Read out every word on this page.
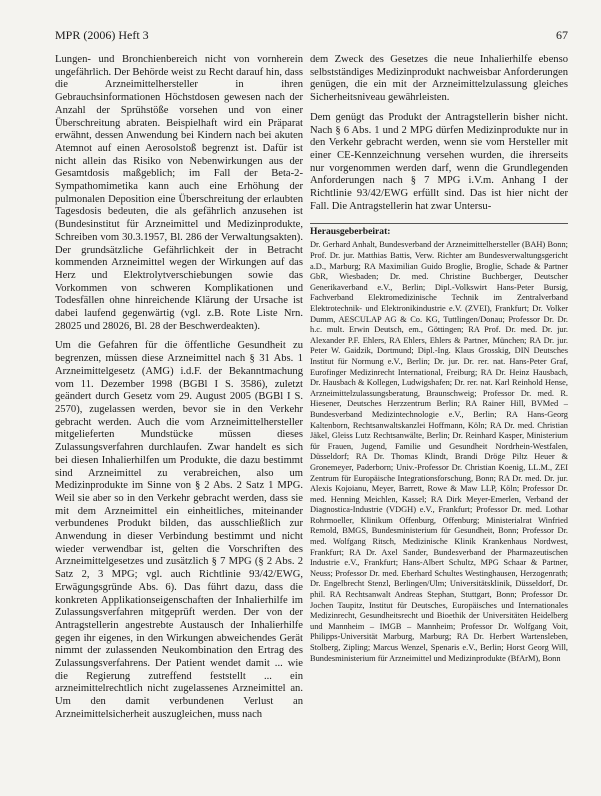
MPR (2006) Heft 3	67

Lungen- und Bronchienbereich nicht von vornherein ungefährlich. Der Behörde weist zu Recht darauf hin, dass die Arzneimittelhersteller in ihren Gebrauchsinformationen Höchstdosen gewesen nach der Anzahl der Sprühstöße vorsehen und von einer Überschreitung abraten. Beispielhaft wird ein Präparat erwähnt, dessen Anwendung bei Kindern nach bei akuten Atemnot auf einen Aerosolstoß begrenzt ist. Dafür ist nicht allein das Risiko von Nebenwirkungen aus der Gesamtdosis maßgeblich; im Fall der Beta-2-Sympathomimetika kann auch eine Erhöhung der pulmonalen Deposition eine Überschreitung der erlaubten Tagesdosis bedeuten, die als gefährlich anzusehen ist (Bundesinstitut für Arzneimittel und Medizinprodukte, Schreiben vom 30.3.1957, Bl. 286 der Verwaltungsakten). Der grundsätzliche Gefährlichkeit der in Betracht kommenden Arzneimittel wegen der Wirkungen auf das Herz und Elektrolytverschiebungen sowie das Vorkommen von schweren Komplikationen und Todesfällen ohne hinreichende Klärung der Ursache ist dabei laufend gegenwärtig (vgl. z.B. Rote Liste Nrn. 28025 und 28026, Bl. 28 der Beschwerdeakten).

Um die Gefahren für die öffentliche Gesundheit zu begrenzen, müssen diese Arzneimittel nach § 31 Abs. 1 Arzneimittelgesetz (AMG) i.d.F. der Bekanntmachung vom 11. Dezember 1998 (BGBl I S. 3586), zuletzt geändert durch Gesetz vom 29. August 2005 (BGBl I S. 2570), zugelassen werden, bevor sie in den Verkehr gebracht werden. Auch die vom Arzneimittelhersteller mitgelieferten Mundstücke müssen dieses Zulassungsverfahren durchlaufen. Zwar handelt es sich bei diesen Inhalierhilfen um Produkte, die dazu bestimmt sind Arzneimittel zu verabreichen, also um Medizinprodukte im Sinne von § 2 Abs. 2 Satz 1 MPG. Weil sie aber so in den Verkehr gebracht werden, dass sie mit dem Arzneimittel ein einheitliches, miteinander verbundenes Produkt bilden, das ausschließlich zur Anwendung in dieser Verbindung bestimmt und nicht wieder verwendbar ist, gelten die Vorschriften des Arzneimittelgesetzes und zusätzlich § 7 MPG (§ 2 Abs. 2 Satz 2, 3 MPG; vgl. auch Richtlinie 93/42/EWG, Erwägungsgründe Abs. 6). Das führt dazu, dass die konkreten Applikationseigenschaften der Inhalierhilfe im Zulassungsverfahren mitgeprüft werden. Der von der Antragstellerin angestrebte Austausch der Inhalierhilfe gegen ihr eigenes, in den Wirkungen abweichendes Gerät nimmt der zulassenden Neukombination den Ertrag des Zulassungsverfahrens. Der Patient wendet damit ... wie die Regierung zutreffend feststellt ... ein arzneimittelrechtlich nicht zugelassenes Arzneimittel an. Um den damit verbundenen Verlust an Arzneimittelsicherheit auszugleichen, muss nach

dem Zweck des Gesetzes die neue Inhalierhilfe ebenso selbstständiges Medizinprodukt nachweisbar Anforderungen genügen, die ein mit der Arzneimittelzulassung gleiches Sicherheitsniveau gewährleisten.

Dem genügt das Produkt der Antragstellerin bisher nicht. Nach § 6 Abs. 1 und 2 MPG dürfen Medizinprodukte nur in den Verkehr gebracht werden, wenn sie vom Hersteller mit einer CE-Kennzeichnung versehen wurden, die ihrerseits nur vorgenommen werden darf, wenn die Grundlegenden Anforderungen nach § 7 MPG i.V.m. Anhang I der Richtlinie 93/42/EWG erfüllt sind. Das ist hier nicht der Fall. Die Antragstellerin hat zwar Untersu-

Herausgeberbeirat:

Dr. Gerhard Anhalt, Bundesverband der Arzneimittelhersteller (BAH) Bonn; Prof. Dr. jur. Matthias Battis, Verw. Richter am Bundesverwaltungsgericht a.D., Marburg; RA Maximilian Guido Broglie, Broglie, Schade & Partner GbR, Wiesbaden; Dr. med. Christine Buchberger, Deutscher Generikaverband e.V., Berlin; Dipl.-Volkswirt Hans-Peter Bursig, Fachverband Elektromedizinische Technik im Zentralverband Elektrotechnik- und Elektronikindustrie e.V. (ZVEI), Frankfurt; Dr. Volker Dumm, AESCULAP AG & Co. KG, Tuttlingen/Donau; Professor Dr. Dr. h.c. mult. Erwin Deutsch, em., Göttingen; RA Prof. Dr. med. Dr. jur. Alexander P.F. Ehlers, RA Ehlers, Ehlers & Partner, München; RA Dr. jur. Peter W. Gaidzik, Dortmund; Dipl.-Ing. Klaus Grosskig, DIN Deutsches Institut für Normung e.V., Berlin; Dr. jur. Dr. rer. nat. Hans-Peter Graf, Eurofinger Medizinrecht International, Freiburg; RA Dr. Heinz Hausbach, Dr. Hausbach & Kollegen, Ludwigshafen; Dr. rer. nat. Karl Reinhold Hense, Arzneimittelzulassungsberatung, Braunschweig; Professor Dr. med. R. Hiesener, Deutsches Herzzentrum Berlin; RA Rainer Hill, BVMed – Bundesverband Medizintechnologie e.V., Berlin; RA Hans-Georg Kaltenborn, Rechtsanwaltskanzlei Hoffmann, Köln; RA Dr. med. Christian Jäkel, Gleiss Lutz Rechtsanwälte, Berlin; Dr. Reinhard Kasper, Ministerium für Frauen, Jugend, Familie und Gesundheit Nordrhein-Westfalen, Düsseldorf; RA Dr. Thomas Klindt, Brandi Dröge Piltz Heuer & Gronemeyer, Paderborn; Univ.-Professor Dr. Christian Koenig, LL.M., ZEI Zentrum für Europäische Integrationsforschung, Bonn; RA Dr. med. Dr. jur. Alexis Kojoianu, Meyer, Barrett, Rowe & Maw LLP, Köln; Professor Dr. med. Henning Meichlen, Kassel; RA Dirk Meyer-Emerlen, Verband der Diagnostica-Industrie (VDGH) e.V., Frankfurt; Professor Dr. med. Lothar Rohrmoeller, Klinikum Offenburg, Offenburg; Ministerialrat Winfried Remold, BMGS, Bundesministerium für Gesundheit, Bonn; Professor Dr. med. Wolfgang Ritsch, Medizinische Klinik Krankenhaus Nordwest, Frankfurt; RA Dr. Axel Sander, Bundesverband der Pharmazeutischen Industrie e.V., Frankfurt; Hans-Albert Schultz, MPG Schaar & Partner, Neuss; Professor Dr. med. Eberhard Schultes Westinghausen, Herzogenrath; Dr. Engelbrecht Stenzl, Berlingen/Ulm; Universitätsklinik, Düsseldorf, Dr. phil. RA Rechtsanwalt Andreas Stephan, Stuttgart, Bonn; Professor Dr. Jochen Taupitz, Institut für Deutsches, Europäisches und Internationales Medizinrecht, Gesundheitsrecht und Bioethik der Universitäten Heidelberg und Mannheim – IMGB – Mannheim; Professor Dr. Wolfgang Voit, Philipps-Universität Marburg, Marburg; RA Dr. Herbert Wartensleben, Stolberg, Zipling; Marcus Wenzel, Spenaris e.V., Berlin; Horst Georg Will, Bundesministerium für Arzneimittel und Medizinprodukte (BfArM), Bonn
